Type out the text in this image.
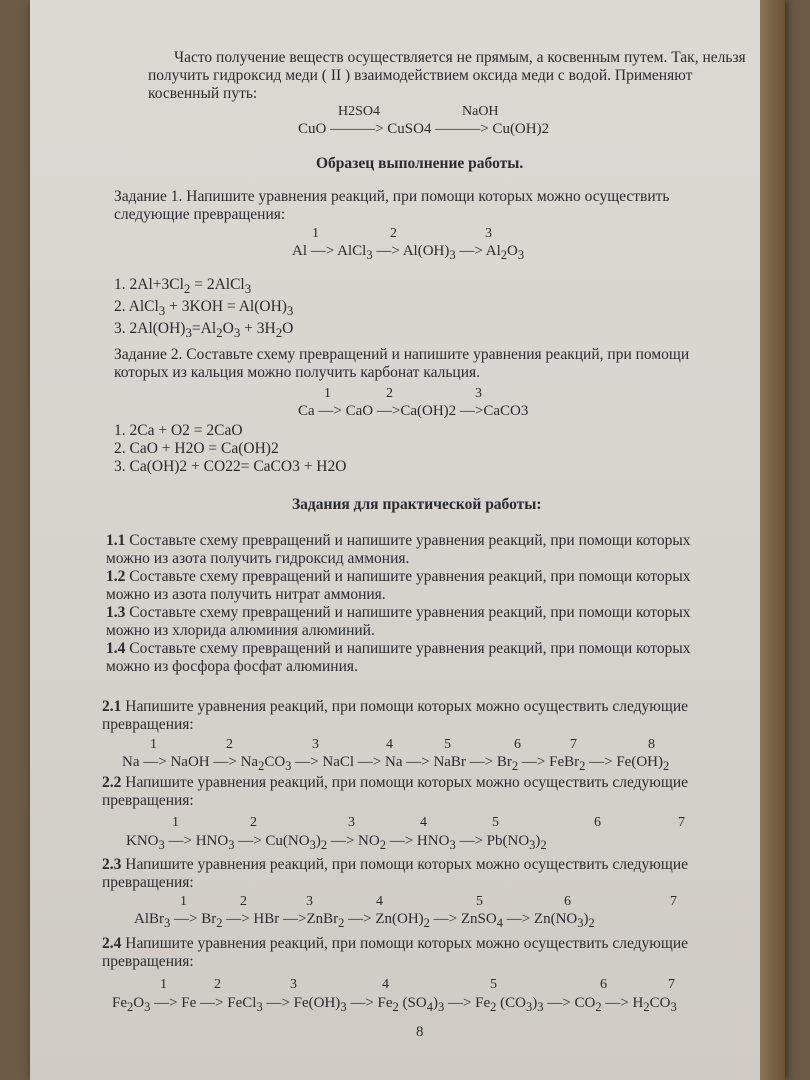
Часто получение веществ осуществляется не прямым, а косвенным путем. Так, нельзя
получить гидроксид меди ( II ) взаимодействием оксида меди с водой. Применяют
косвенный путь:
H2SO4	NaOH
CuO ———> CuSO4 ———> Cu(OH)2
Образец выполнение работы.
Задание 1. Напишите уравнения реакций, при помощи которых можно осуществить
следующие превращения:
1	2	3
Al —> AlCl$_3$ —> $Al(OH)_3$ —> $Al_2O_3$
1. $2Al+3Cl_2$ = 2AlCl$_3$
2. AlCl$_3$ + $3KOH = Al(OH)_3$
3. $2Al(OH)_3=Al_2O_3 + 3H_2O$
Задание 2. Составьте схему превращений и напишите уравнения реакций, при помощи
которых из кальция можно получить карбонат кальция.
1	2	3
Ca —> CaO —>Ca(OH)2 —>CaCO3
1. 2Ca + O2 = 2CaO
2. CaO + H2O = Ca(OH)2
3. Ca(OH)2 + CO22= CaCO3 + H2O
Задания для практической работы:
1.1 Составьте схему превращений и напишите уравнения реакций, при помощи которых
можно из азота получить гидроксид аммония.
1.2 Составьте схему превращений и напишите уравнения реакций, при помощи которых
можно из азота получить нитрат аммония.
1.3 Составьте схему превращений и напишите уравнения реакций, при помощи которых
можно из хлорида алюминия алюминий.
1.4 Составьте схему превращений и напишите уравнения реакций, при помощи которых
можно из фосфора фосфат алюминия.
2.1 Напишите уравнения реакций, при помощи которых можно осуществить следующие
превращения:
1	2	3	4	5	6	7	8
Na —> NaOH —> $Na_2CO_3$ —> NaCl —> Na —> NaBr —> $Br_2$ —> FeBr$_2$ —> $Fe(OH)_2$
2.2 Напишите уравнения реакций, при помощи которых можно осуществить следующие
превращения:
1	2	3	4	5	6	7
$KNO_3$ —> $HNO_3$ —> $Cu(NO_3)_2$ —> $NO_2$ —> $HNO_3$ —> $Pb(NO_3)_2$
2.3 Напишите уравнения реакций, при помощи которых можно осуществить следующие
превращения:
1	2	3	4	5	6	7
AlBr$_3$ —> $Br_2$ —> HBr —>ZnBr$_2$ —> $Zn(OH)_2$ —> ZnSO$_4$ —> $Zn(NO_3)_2$
2.4 Напишите уравнения реакций, при помощи которых можно осуществить следующие
превращения:
1	2	3	4	5	6	7
$Fe_2O_3$ —> Fe —> FeCl$_3$ —> $Fe(OH)_3$ —> $Fe_2$ $(SO_4)_3$ —> $Fe_2$ $(CO_3)_3$ —> $CO_2$ —> $H_2CO_3$
8
